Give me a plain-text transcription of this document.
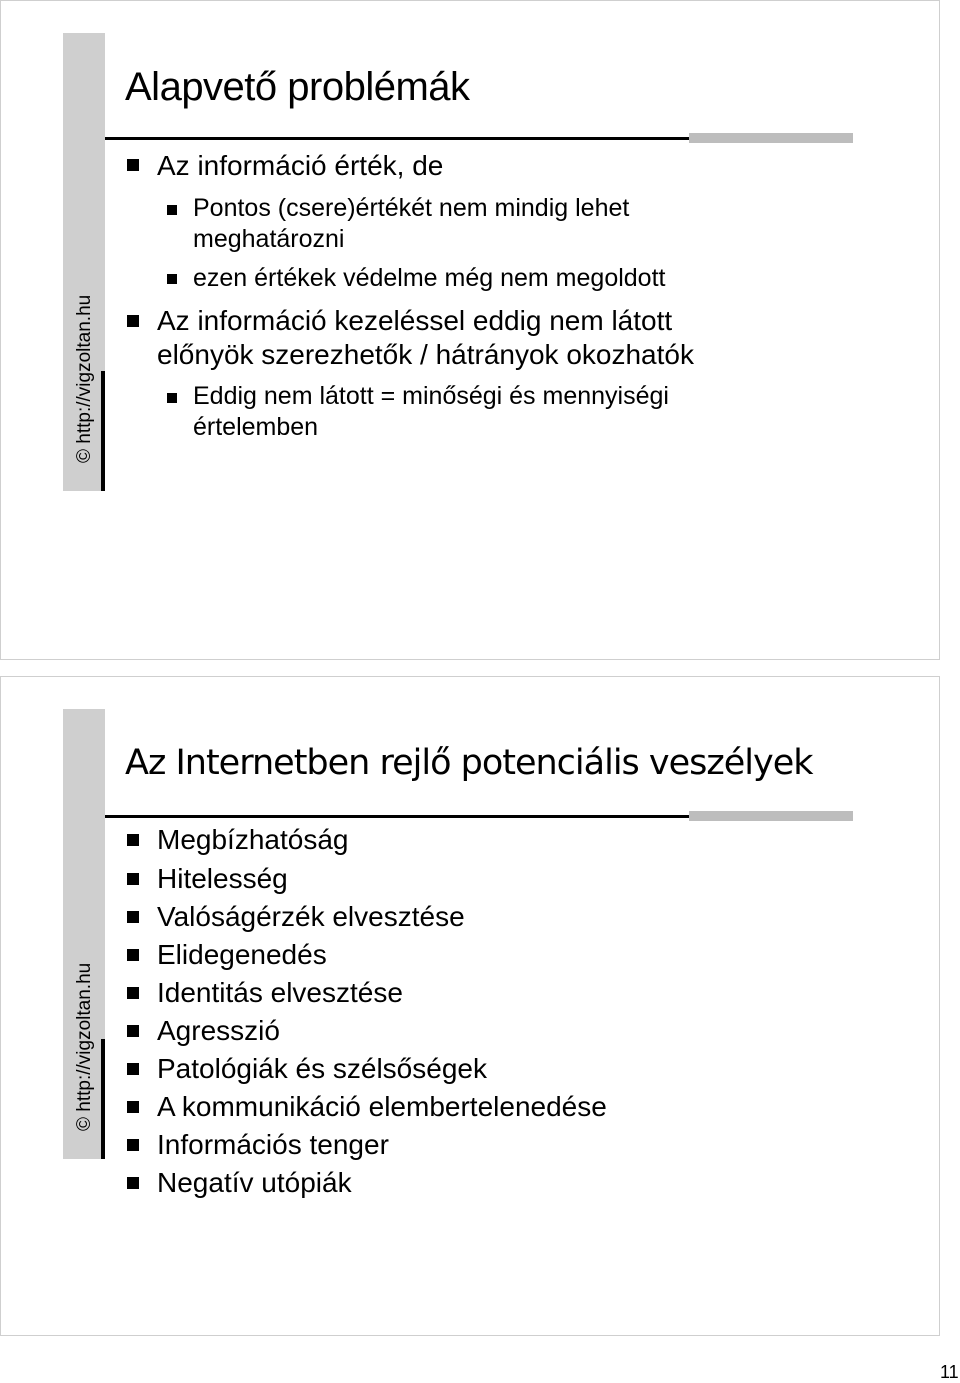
© http://vigzoltan.hu
Alapvető problémák
Az információ érték, de
Pontos (csere)értékét nem mindig lehet
meghatározni
ezen értékek védelme még nem megoldott
Az információ kezeléssel eddig nem látott
előnyök szerezhetők / hátrányok okozhatók
Eddig nem látott = minőségi és mennyiségi
értelemben
© http://vigzoltan.hu
Az Internetben rejlő potenciális veszélyek
Megbízhatóság
Hitelesség
Valóságérzék elvesztése
Elidegenedés
Identitás elvesztése
Agresszió
Patológiák és szélsőségek
A kommunikáció elembertelenedése
Információs tenger
Negatív utópiák
11
